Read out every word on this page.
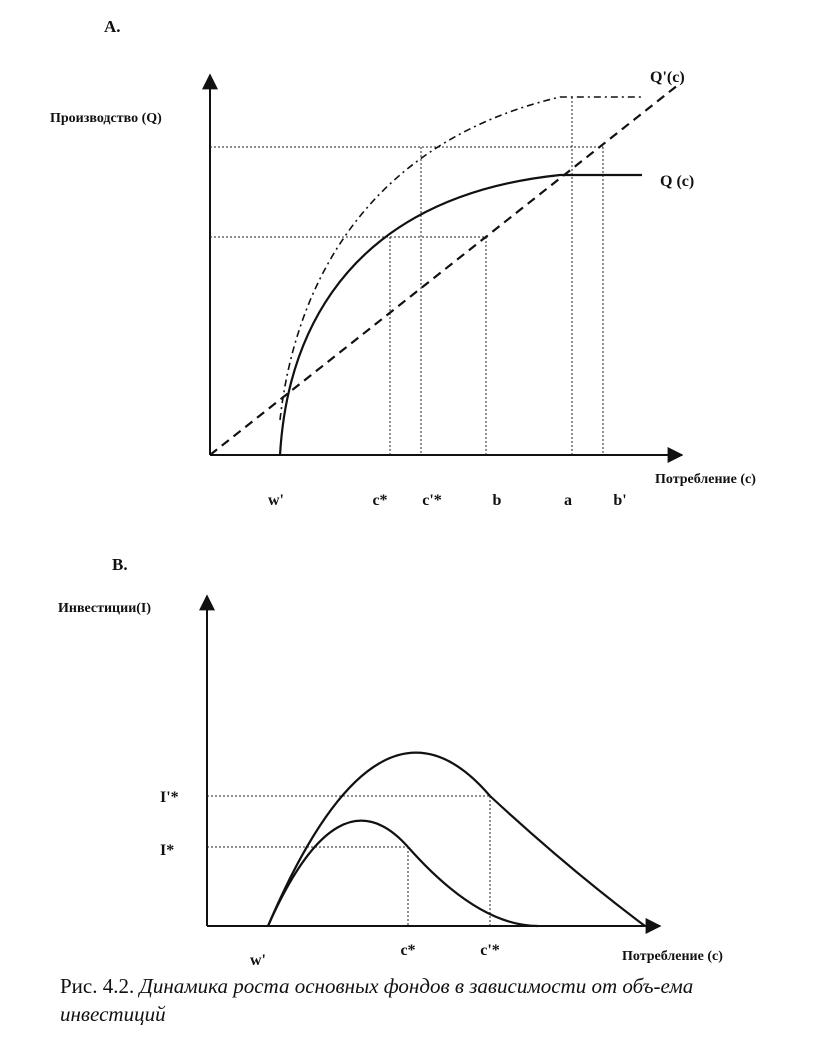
A.
Производство (Q)
Потребление (c)
Q'(c)
Q (c)
w'	c* c'*	b	a	b'
B.
Инвестиции(I)
Потребление (c)
I'*
I*
w'
c*	c'*
Рис. 4.2. Динамика роста основных фондов в зависимости от объ-ема инвестиций
